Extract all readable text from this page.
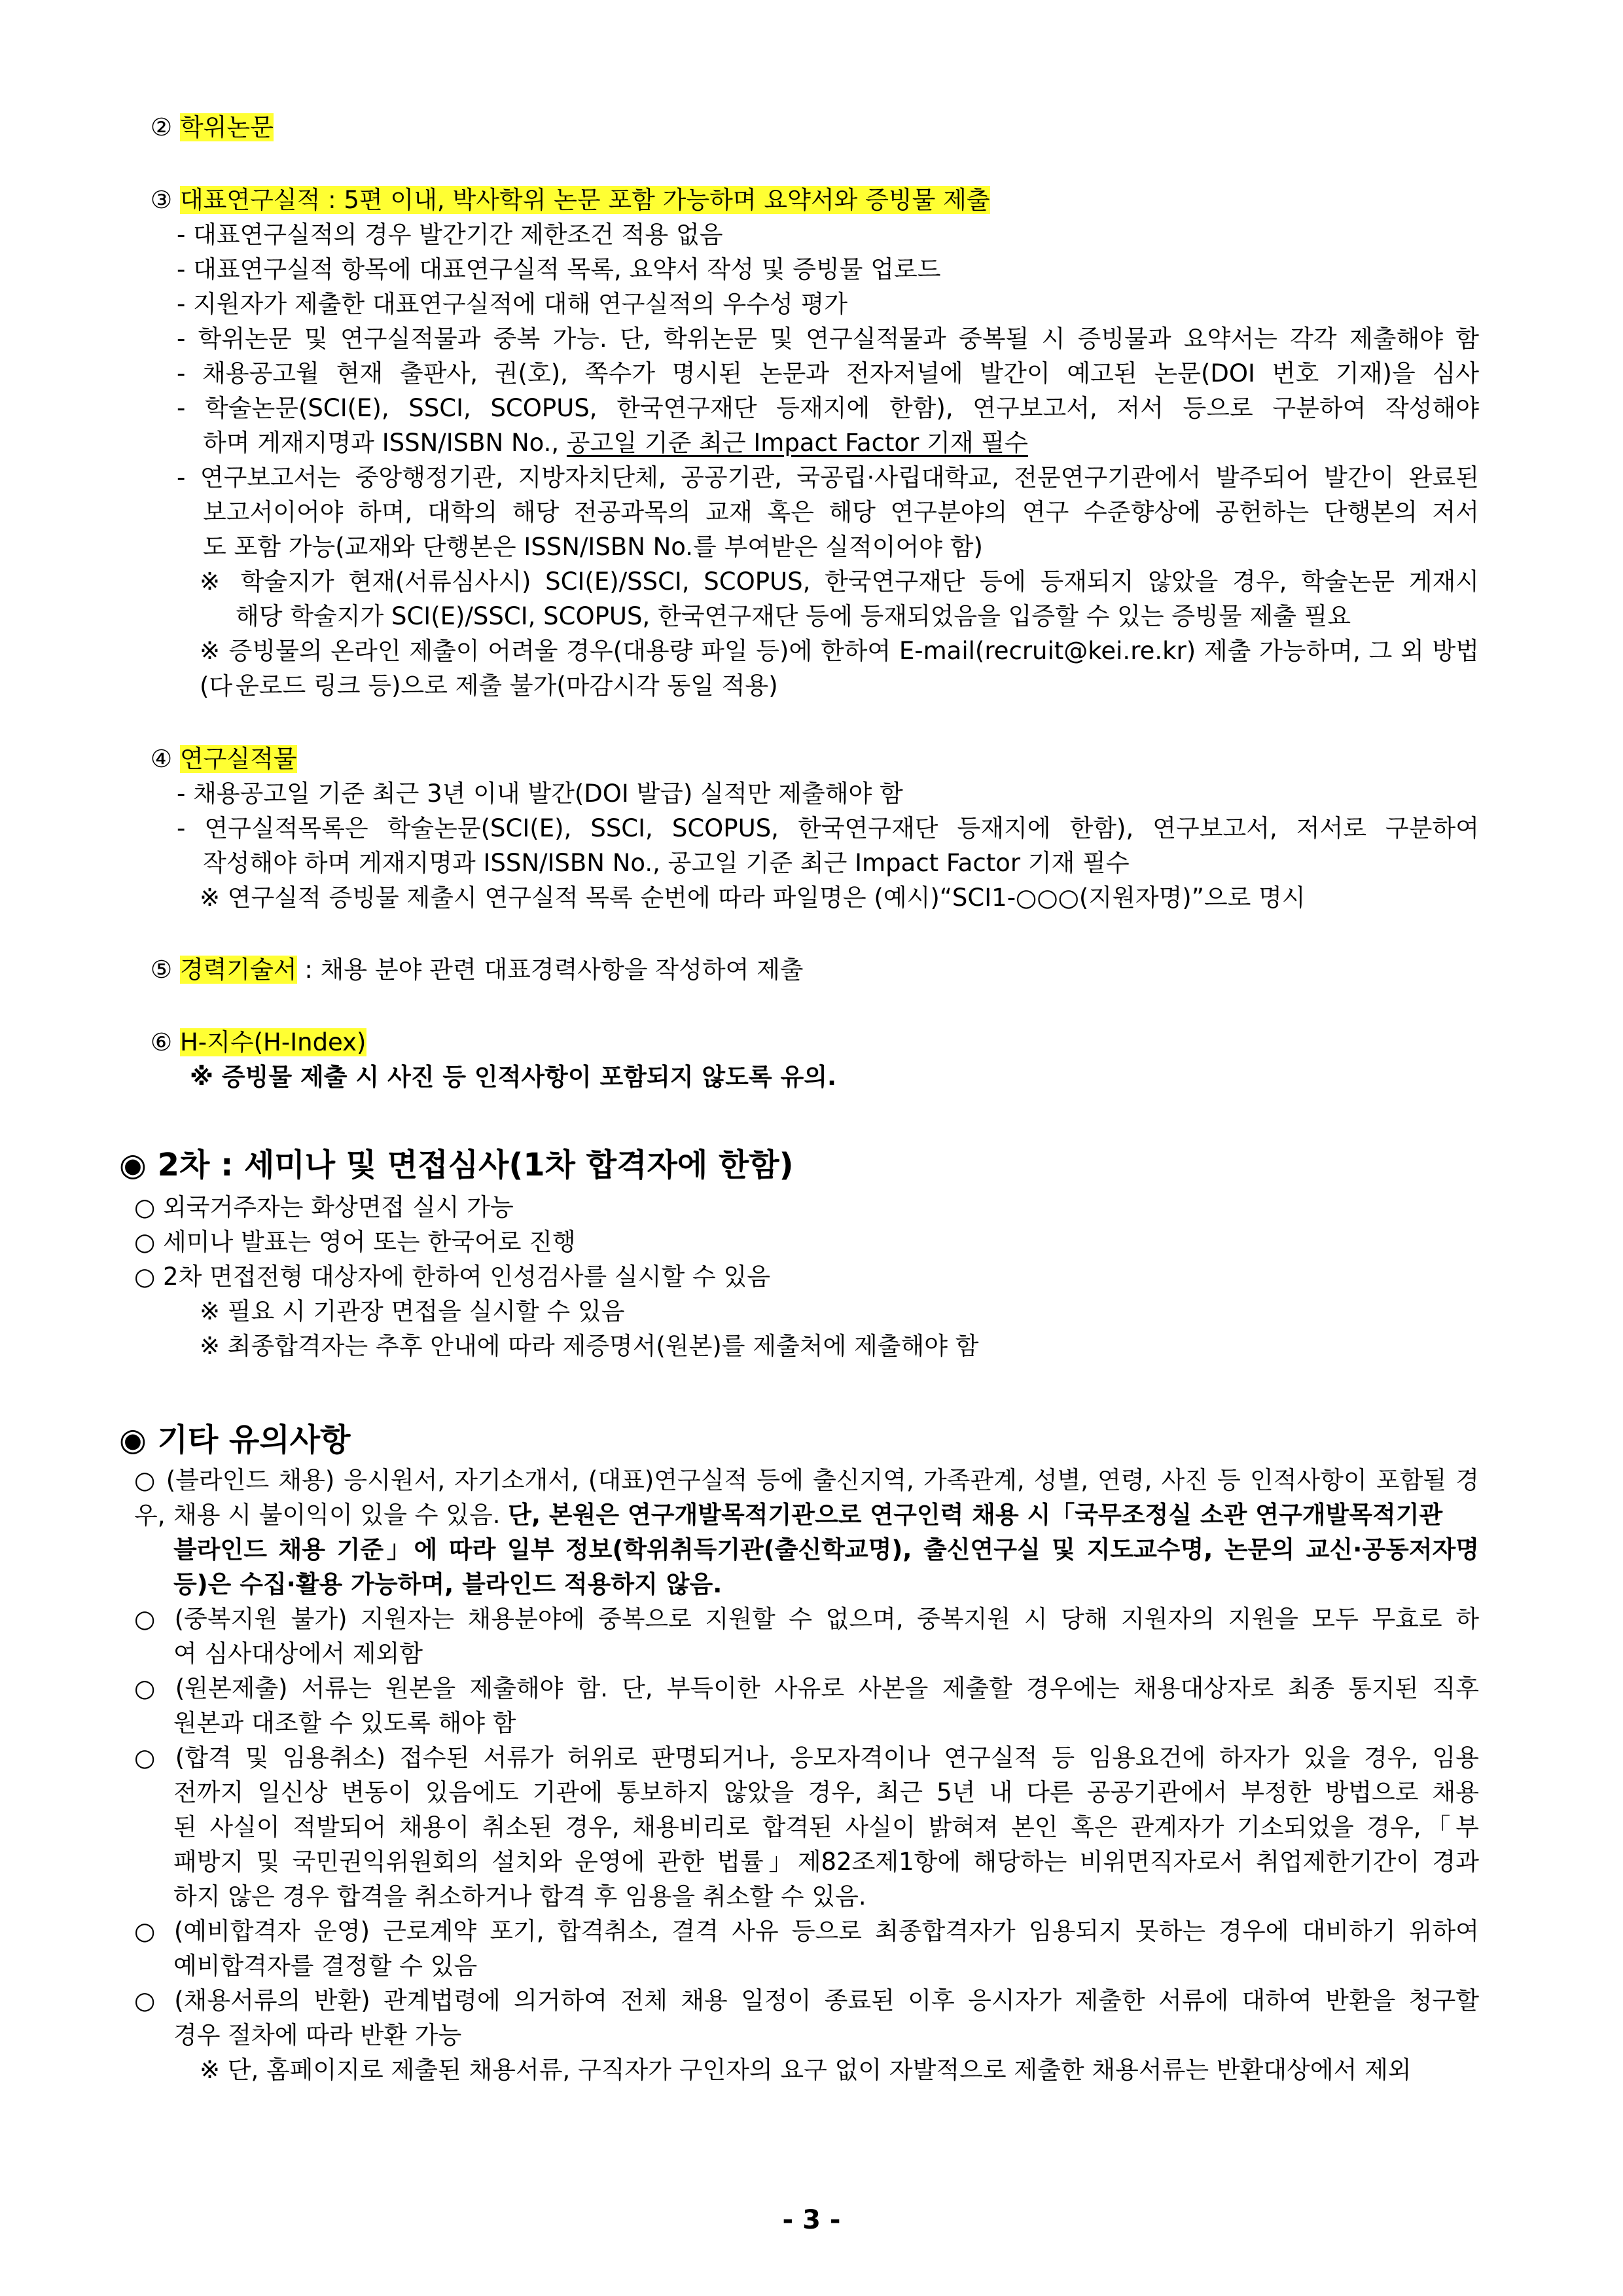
② 학위논문
③ 대표연구실적 : 5편 이내, 박사학위 논문 포함 가능하며 요약서와 증빙물 제출
- 대표연구실적의 경우 발간기간 제한조건 적용 없음
- 대표연구실적 항목에 대표연구실적 목록, 요약서 작성 및 증빙물 업로드
- 지원자가 제출한 대표연구실적에 대해 연구실적의 우수성 평가
- 학위논문 및 연구실적물과 중복 가능. 단, 학위논문 및 연구실적물과 중복될 시 증빙물과 요약서는 각각 제출해야 함
- 채용공고월 현재 출판사, 권(호), 쪽수가 명시된 논문과 전자저널에 발간이 예고된 논문(DOI 번호 기재)을 심사
- 학술논문(SCI(E), SSCI, SCOPUS, 한국연구재단 등재지에 한함), 연구보고서, 저서 등으로 구분하여 작성해야
하며 게재지명과 ISSN/ISBN No., 공고일 기준 최근 Impact Factor 기재 필수
- 연구보고서는 중앙행정기관, 지방자치단체, 공공기관, 국공립·사립대학교, 전문연구기관에서 발주되어 발간이 완료된
보고서이어야 하며, 대학의 해당 전공과목의 교재 혹은 해당 연구분야의 연구 수준향상에 공헌하는 단행본의 저서
도 포함 가능(교재와 단행본은 ISSN/ISBN No.를 부여받은 실적이어야 함)
※ 학술지가 현재(서류심사시) SCI(E)/SSCI, SCOPUS, 한국연구재단 등에 등재되지 않았을 경우, 학술논문 게재시
해당 학술지가 SCI(E)/SSCI, SCOPUS, 한국연구재단 등에 등재되었음을 입증할 수 있는 증빙물 제출 필요
※ 증빙물의 온라인 제출이 어려울 경우(대용량 파일 등)에 한하여 E-mail(recruit@kei.re.kr) 제출 가능하며, 그 외 방법(다 운로드 링크 등)으로 제출 불가(마감시각 동일 적용)
④ 연구실적물
- 채용공고일 기준 최근 3년 이내 발간(DOI 발급) 실적만 제출해야 함
- 연구실적목록은 학술논문(SCI(E), SSCI, SCOPUS, 한국연구재단 등재지에 한함), 연구보고서, 저서로 구분하여
작성해야 하며 게재지명과 ISSN/ISBN No., 공고일 기준 최근 Impact Factor 기재 필수
※ 연구실적 증빙물 제출시 연구실적 목록 순번에 따라 파일명은 (예시)“SCI1-○○○(지원자명)”으로 명시
⑤ 경력기술서 : 채용 분야 관련 대표경력사항을 작성하여 제출
⑥ H-지수(H-Index)
※ 증빙물 제출 시 사진 등 인적사항이 포함되지 않도록 유의.
◉ 2차 : 세미나 및 면접심사(1차 합격자에 한함)
○ 외국거주자는 화상면접 실시 가능
○ 세미나 발표는 영어 또는 한국어로 진행
○ 2차 면접전형 대상자에 한하여 인성검사를 실시할 수 있음
※ 필요 시 기관장 면접을 실시할 수 있음
※ 최종합격자는 추후 안내에 따라 제증명서(원본)를 제출처에 제출해야 함
◉ 기타 유의사항
○ (블라인드 채용) 응시원서, 자기소개서, (대표)연구실적 등에 출신지역, 가족관계, 성별, 연령, 사진 등 인적사항이 포함될 경우, 채용 시 불이익이 있을 수 있음. 단, 본원은 연구개발목적기관으로 연구인력 채용 시「국무조정실 소관 연구개발목적기관
블라인드 채용 기준」에 따라 일부 정보(학위취득기관(출신학교명), 출신연구실 및 지도교수명, 논문의 교신·공동저자명
등)은 수집·활용 가능하며, 블라인드 적용하지 않음.
○ (중복지원 불가) 지원자는 채용분야에 중복으로 지원할 수 없으며, 중복지원 시 당해 지원자의 지원을 모두 무효로 하
여 심사대상에서 제외함
○ (원본제출) 서류는 원본을 제출해야 함. 단, 부득이한 사유로 사본을 제출할 경우에는 채용대상자로 최종 통지된 직후
원본과 대조할 수 있도록 해야 함
○ (합격 및 임용취소) 접수된 서류가 허위로 판명되거나, 응모자격이나 연구실적 등 임용요건에 하자가 있을 경우, 임용
전까지 일신상 변동이 있음에도 기관에 통보하지 않았을 경우, 최근 5년 내 다른 공공기관에서 부정한 방법으로 채용
된 사실이 적발되어 채용이 취소된 경우, 채용비리로 합격된 사실이 밝혀져 본인 혹은 관계자가 기소되었을 경우,「부
패방지 및 국민권익위원회의 설치와 운영에 관한 법률」제82조제1항에 해당하는 비위면직자로서 취업제한기간이 경과
하지 않은 경우 합격을 취소하거나 합격 후 임용을 취소할 수 있음.
○ (예비합격자 운영) 근로계약 포기, 합격취소, 결격 사유 등으로 최종합격자가 임용되지 못하는 경우에 대비하기 위하여
예비합격자를 결정할 수 있음
○ (채용서류의 반환) 관계법령에 의거하여 전체 채용 일정이 종료된 이후 응시자가 제출한 서류에 대하여 반환을 청구할
경우 절차에 따라 반환 가능
※ 단, 홈페이지로 제출된 채용서류, 구직자가 구인자의 요구 없이 자발적으로 제출한 채용서류는 반환대상에서 제외
- 3 -
